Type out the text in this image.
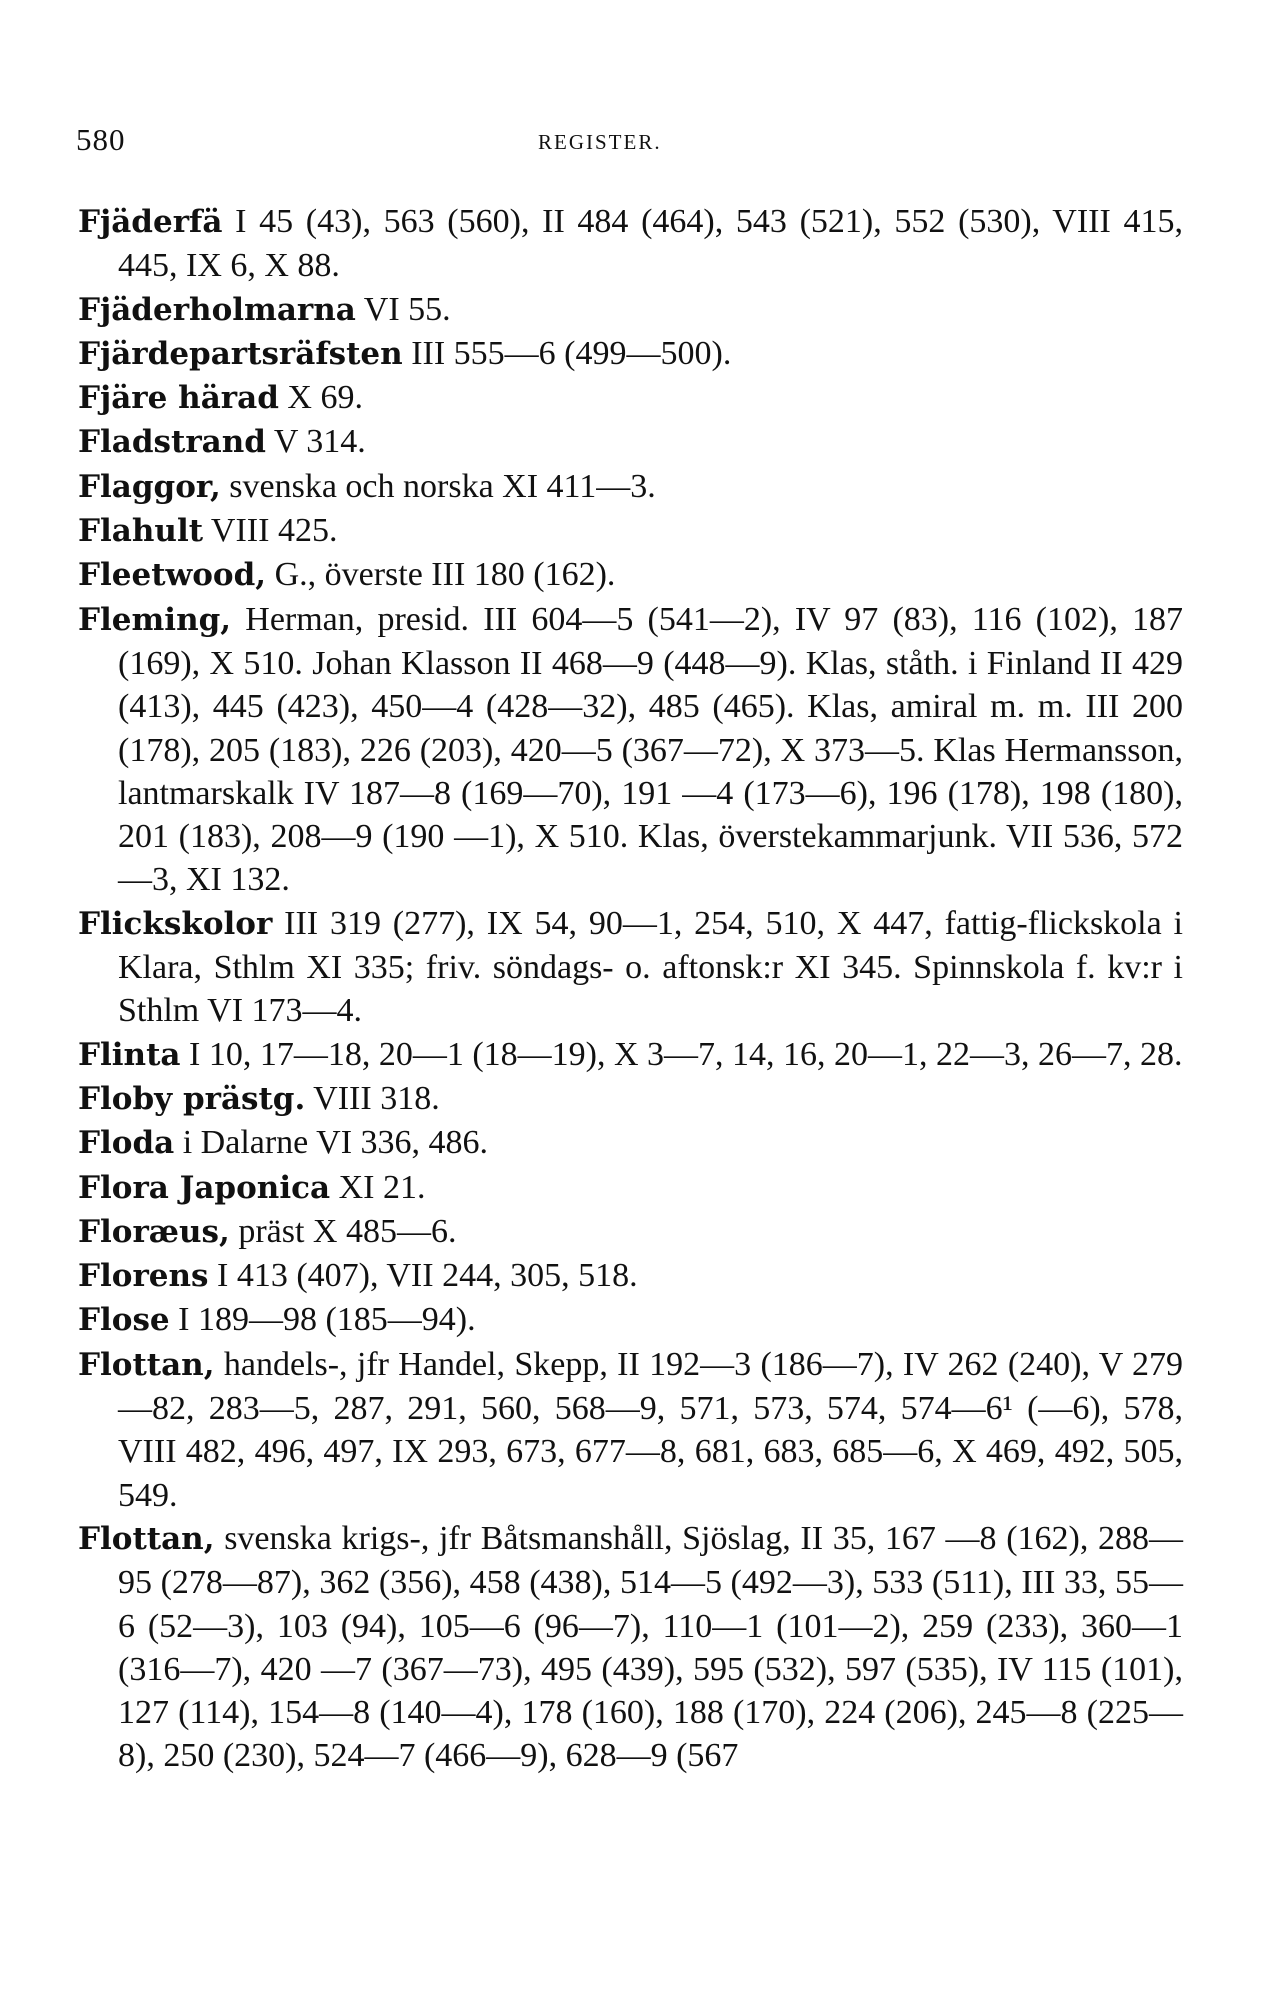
580	REGISTER.

Fjäderfä I 45 (43), 563 (560), II 484 (464), 543 (521), 552 (530), VIII 415, 445, IX 6, X 88.

Fjäderholmarna VI 55.

Fjärdepartsräfsten III 555—6 (499—500).

Fjäre härad X 69.

Fladstrand V 314.

Flaggor, svenska och norska XI 411—3.

Flahult VIII 425.

Fleetwood, G., överste III 180 (162).

Fleming, Herman, presid. III 604—5 (541—2), IV 97 (83), 116 (102), 187 (169), X 510. Johan Klasson II 468—9 (448—9). Klas, ståth. i Finland II 429 (413), 445 (423), 450—4 (428—32), 485 (465). Klas, amiral m. m. III 200 (178), 205 (183), 226 (203), 420—5 (367—72), X 373—5. Klas Hermansson, lantmarskalk IV 187—8 (169—70), 191 —4 (173—6), 196 (178), 198 (180), 201 (183), 208—9 (190 —1), X 510. Klas, överstekammarjunk. VII 536, 572—3, XI 132.

Flickskolor III 319 (277), IX 54, 90—1, 254, 510, X 447, fattig-flickskola i Klara, Sthlm XI 335; friv. söndags- o. aftonsk:r XI 345. Spinnskola f. kv:r i Sthlm VI 173—4.

Flinta I 10, 17—18, 20—1 (18—19), X 3—7, 14, 16, 20—1, 22—3, 26—7, 28.

Floby prästg. VIII 318.

Floda i Dalarne VI 336, 486.

Flora Japonica XI 21.

Floræus, präst X 485—6.

Florens I 413 (407), VII 244, 305, 518.

Flose I 189—98 (185—94).

Flottan, handels-, jfr Handel, Skepp, II 192—3 (186—7), IV 262 (240), V 279—82, 283—5, 287, 291, 560, 568—9, 571, 573, 574, 574—6¹ (—6), 578, VIII 482, 496, 497, IX 293, 673, 677—8, 681, 683, 685—6, X 469, 492, 505, 549.

Flottan, svenska krigs-, jfr Båtsmanshåll, Sjöslag, II 35, 167 —8 (162), 288—95 (278—87), 362 (356), 458 (438), 514—5 (492—3), 533 (511), III 33, 55—6 (52—3), 103 (94), 105—6 (96—7), 110—1 (101—2), 259 (233), 360—1 (316—7), 420 —7 (367—73), 495 (439), 595 (532), 597 (535), IV 115 (101), 127 (114), 154—8 (140—4), 178 (160), 188 (170), 224 (206), 245—8 (225—8), 250 (230), 524—7 (466—9), 628—9 (567
